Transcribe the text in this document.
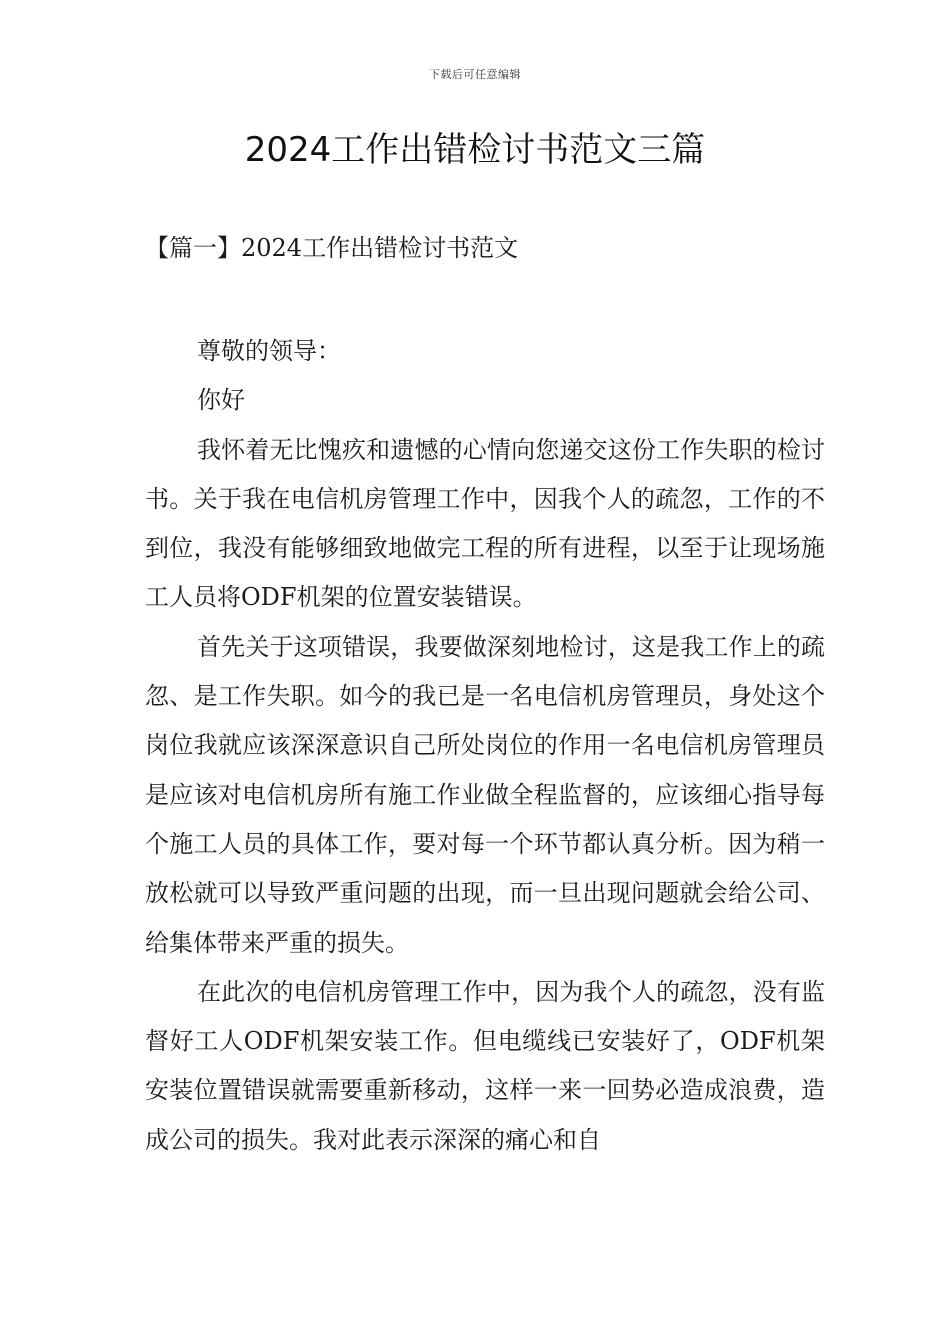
下载后可任意编辑
2024工作出错检讨书范文三篇
【篇一】2024工作出错检讨书范文

尊敬的领导：

你好

我怀着无比愧疚和遗憾的心情向您递交这份工作失职的检讨书。关于我在电信机房管理工作中，因我个人的疏忽，工作的不到位，我没有能够细致地做完工程的所有进程，以至于让现场施工人员将ODF机架的位置安装错误。

首先关于这项错误，我要做深刻地检讨，这是我工作上的疏忽、是工作失职。如今的我已是一名电信机房管理员，身处这个岗位我就应该深深意识自己所处岗位的作用一名电信机房管理员是应该对电信机房所有施工作业做全程监督的，应该细心指导每个施工人员的具体工作，要对每一个环节都认真分析。因为稍一放松就可以导致严重问题的出现，而一旦出现问题就会给公司、给集体带来严重的损失。

在此次的电信机房管理工作中，因为我个人的疏忽，没有监督好工人ODF机架安装工作。但电缆线已安装好了，ODF机架安装位置错误就需要重新移动，这样一来一回势必造成浪费，造成公司的损失。我对此表示深深的痛心和自
